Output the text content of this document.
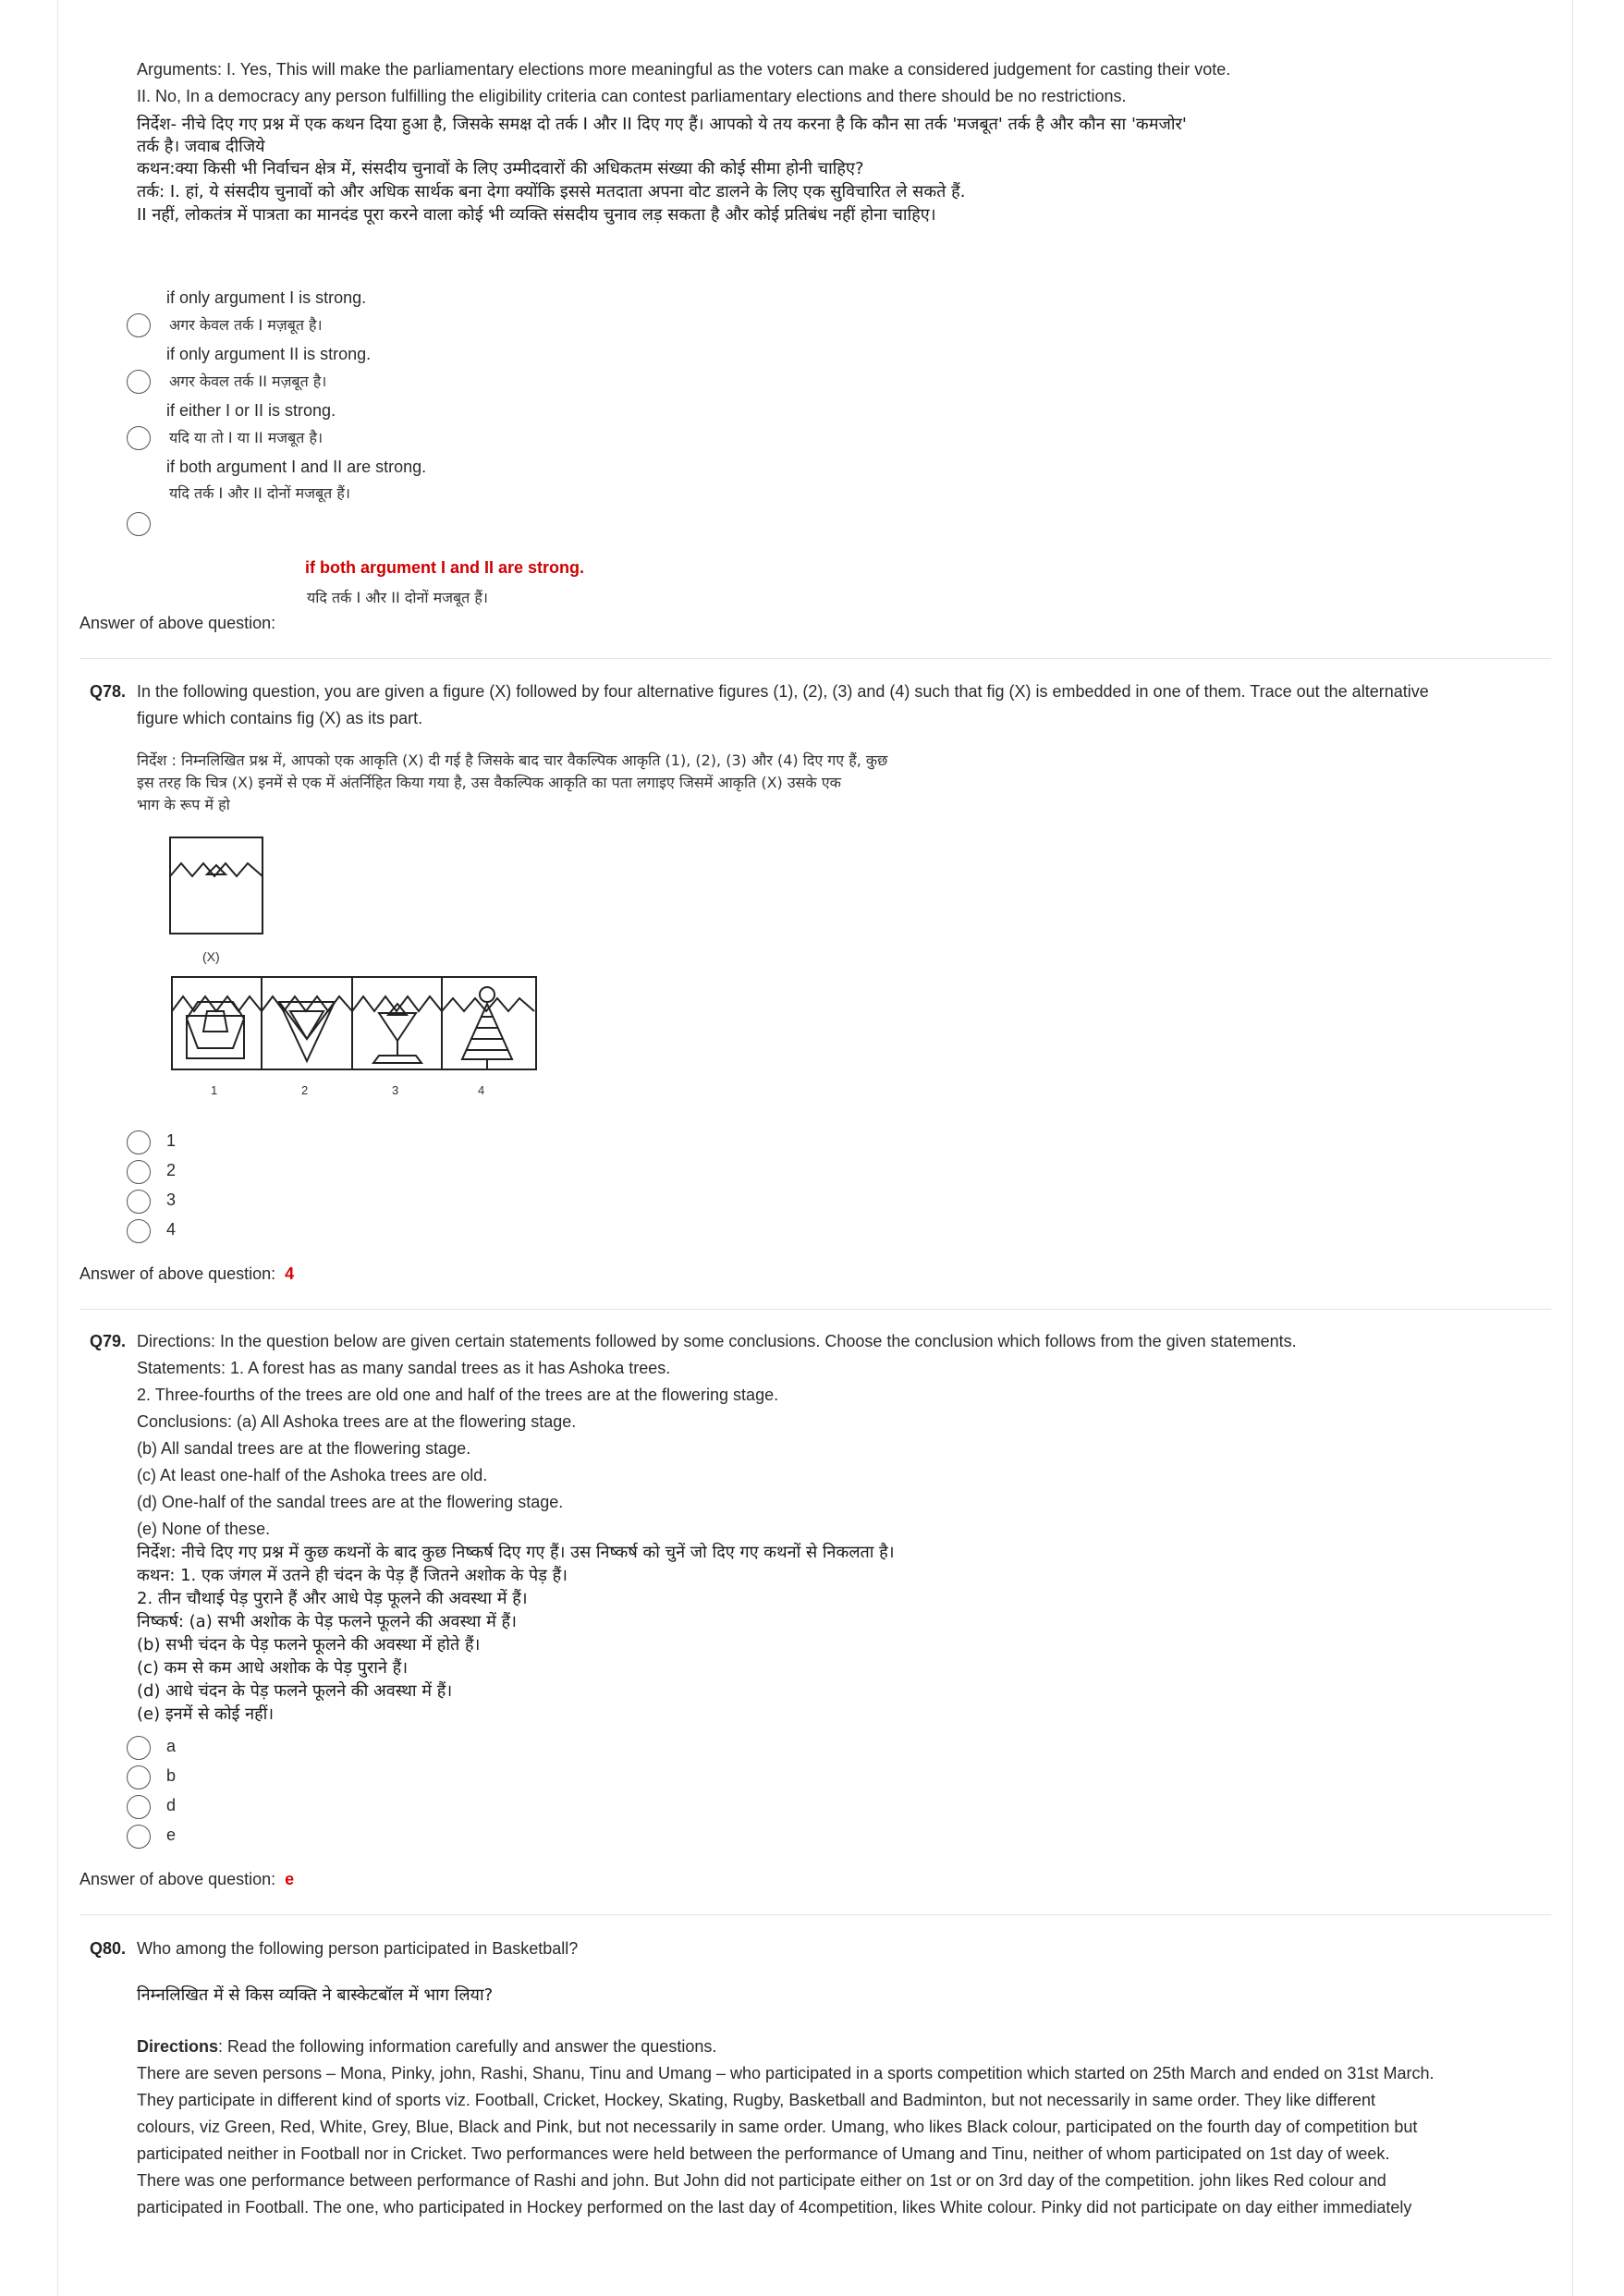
Arguments: I. Yes, This will make the parliamentary elections more meaningful as the voters can make a considered judgement for casting their vote.
II. No, In a democracy any person fulfilling the eligibility criteria can contest parliamentary elections and there should be no restrictions.
निर्देश- नीचे दिए गए प्रश्न में एक कथन दिया हुआ है, जिसके समक्ष दो तर्क I और II दिए गए हैं। आपको ये तय करना है कि कौन सा तर्क 'मजबूत' तर्क है और कौन सा 'कमजोर'
तर्क है। जवाब दीजिये
कथन:क्या किसी भी निर्वाचन क्षेत्र में, संसदीय चुनावों के लिए उम्मीदवारों की अधिकतम संख्या की कोई सीमा होनी चाहिए?
तर्क: I. हां, ये संसदीय चुनावों को और अधिक सार्थक बना देगा क्योंकि इससे मतदाता अपना वोट डालने के लिए एक सुविचारित ले सकते हैं.
II नहीं, लोकतंत्र में पात्रता का मानदंड पूरा करने वाला कोई भी व्यक्ति संसदीय चुनाव लड़ सकता है और कोई प्रतिबंध नहीं होना चाहिए।
if only argument I is strong.
अगर केवल तर्क I मज़बूत है।
if only argument II is strong.
अगर केवल तर्क II मज़बूत है।
if either I or II is strong.
यदि या तो I या II मजबूत है।
if both argument I and II are strong.
यदि तर्क I और II दोनों मजबूत हैं।
if both argument I and II are strong.
यदि तर्क I और II दोनों मजबूत हैं।
Answer of above question:
Q78. In the following question, you are given a figure (X) followed by four alternative figures (1), (2), (3) and (4) such that fig (X) is embedded in one of them. Trace out the alternative
figure which contains fig (X) as its part.
निर्देश : निम्नलिखित प्रश्न में, आपको एक आकृति (X) दी गई है जिसके बाद चार वैकल्पिक आकृति (1), (2), (3) और (4) दिए गए हैं, कुछ
इस तरह कि चित्र (X) इनमें से एक में अंतर्निहित किया गया है, उस वैकल्पिक आकृति का पता लगाइए जिसमें आकृति (X) उसके एक
भाग के रूप में हो
(X)
1	2	3	4
1
2
3
4
Answer of above question: 4
Q79. Directions: In the question below are given certain statements followed by some conclusions. Choose the conclusion which follows from the given statements.
Statements: 1. A forest has as many sandal trees as it has Ashoka trees.
2. Three-fourths of the trees are old one and half of the trees are at the flowering stage.
Conclusions: (a) All Ashoka trees are at the flowering stage.
(b) All sandal trees are at the flowering stage.
(c) At least one-half of the Ashoka trees are old.
(d) One-half of the sandal trees are at the flowering stage.
(e) None of these.
निर्देश: नीचे दिए गए प्रश्न में कुछ कथनों के बाद कुछ निष्कर्ष दिए गए हैं। उस निष्कर्ष को चुनें जो दिए गए कथनों से निकलता है।
कथन: 1. एक जंगल में उतने ही चंदन के पेड़ हैं जितने अशोक के पेड़ हैं।
2. तीन चौथाई पेड़ पुराने हैं और आधे पेड़ फूलने की अवस्था में हैं।
निष्कर्ष: (a) सभी अशोक के पेड़ फलने फूलने की अवस्था में हैं।
(b) सभी चंदन के पेड़ फलने फूलने की अवस्था में होते हैं।
(c) कम से कम आधे अशोक के पेड़ पुराने हैं।
(d) आधे चंदन के पेड़ फलने फूलने की अवस्था में हैं।
(e) इनमें से कोई नहीं।
a
b
d
e
Answer of above question: e
Q80. Who among the following person participated in Basketball?
निम्नलिखित में से किस व्यक्ति ने बास्केटबॉल में भाग लिया?
Directions: Read the following information carefully and answer the questions.
There are seven persons – Mona, Pinky, john, Rashi, Shanu, Tinu and Umang – who participated in a sports competition which started on 25th March and ended on 31st March.
They participate in different kind of sports viz. Football, Cricket, Hockey, Skating, Rugby, Basketball and Badminton, but not necessarily in same order. They like different
colours, viz Green, Red, White, Grey, Blue, Black and Pink, but not necessarily in same order. Umang, who likes Black colour, participated on the fourth day of competition but
participated neither in Football nor in Cricket. Two performances were held between the performance of Umang and Tinu, neither of whom participated on 1st day of week.
There was one performance between performance of Rashi and john. But John did not participate either on 1st or on 3rd day of the competition. john likes Red colour and
participated in Football. The one, who participated in Hockey performed on the last day of 4competition, likes White colour. Pinky did not participate on day either immediately
